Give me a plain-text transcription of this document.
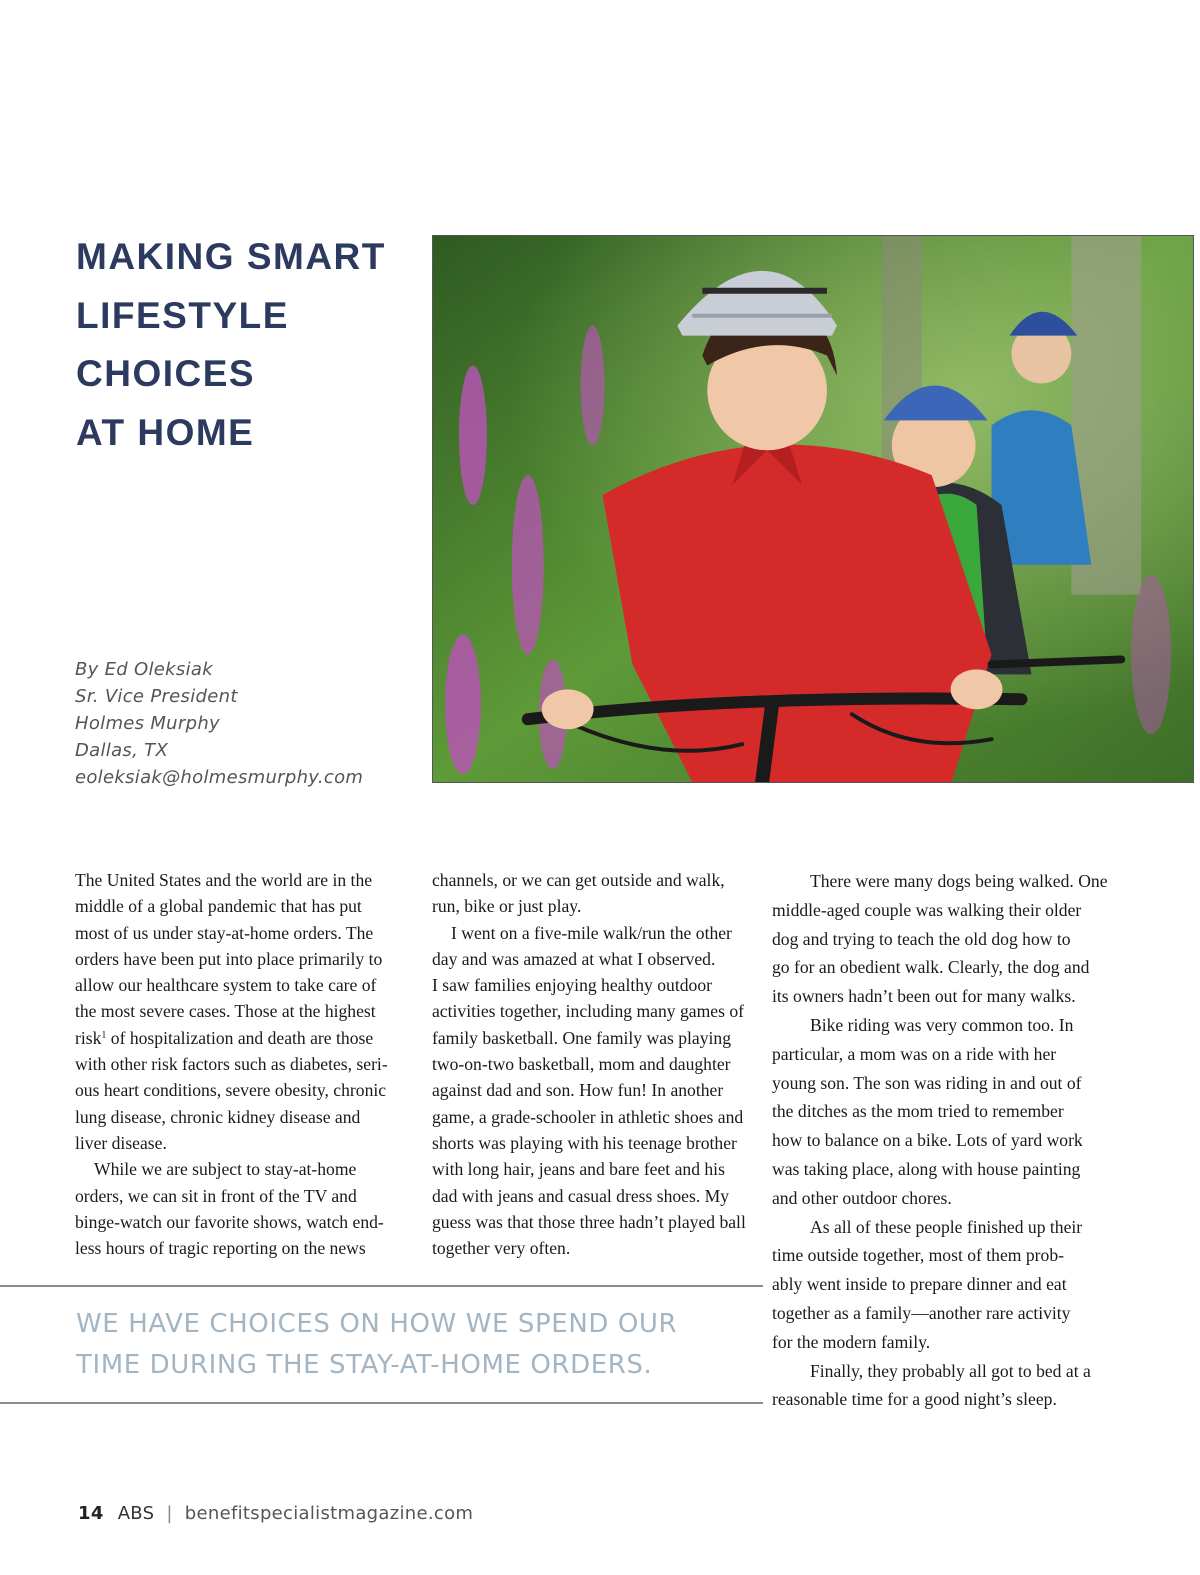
MAKING SMART
LIFESTYLE
CHOICES
AT HOME
By Ed Oleksiak
Sr. Vice President
Holmes Murphy
Dallas, TX
eoleksiak@holmesmurphy.com

The United States and the world are in the
middle of a global pandemic that has put
most of us under stay-at-home orders. The
orders have been put into place primarily to
allow our healthcare system to take care of
the most severe cases. Those at the highest
risk$^1$ of hospitalization and death are those
with other risk factors such as diabetes, seri-
ous heart conditions, severe obesity, chronic
lung disease, chronic kidney disease and
liver disease.

While we are subject to stay-at-home
orders, we can sit in front of the TV and
binge-watch our favorite shows, watch end-
less hours of tragic reporting on the news

channels, or we can get outside and walk,
run, bike or just play.

I went on a five-mile walk/run the other
day and was amazed at what I observed.
I saw families enjoying healthy outdoor
activities together, including many games of
family basketball. One family was playing
two-on-two basketball, mom and daughter
against dad and son. How fun! In another
game, a grade-schooler in athletic shoes and
shorts was playing with his teenage brother
with long hair, jeans and bare feet and his
dad with jeans and casual dress shoes. My
guess was that those three hadn’t played ball
together very often.

There were many dogs being walked. One
middle-aged couple was walking their older
dog and trying to teach the old dog how to
go for an obedient walk. Clearly, the dog and
its owners hadn’t been out for many walks.

Bike riding was very common too. In
particular, a mom was on a ride with her
young son. The son was riding in and out of
the ditches as the mom tried to remember
how to balance on a bike. Lots of yard work
was taking place, along with house painting
and other outdoor chores.

As all of these people finished up their
time outside together, most of them prob-
ably went inside to prepare dinner and eat
together as a family—another rare activity
for the modern family.

Finally, they probably all got to bed at a
reasonable time for a good night’s sleep.

WE HAVE CHOICES ON HOW WE SPEND OUR
TIME DURING THE STAY-AT-HOME ORDERS.
14 ABS | benefitspecialistmagazine.com
